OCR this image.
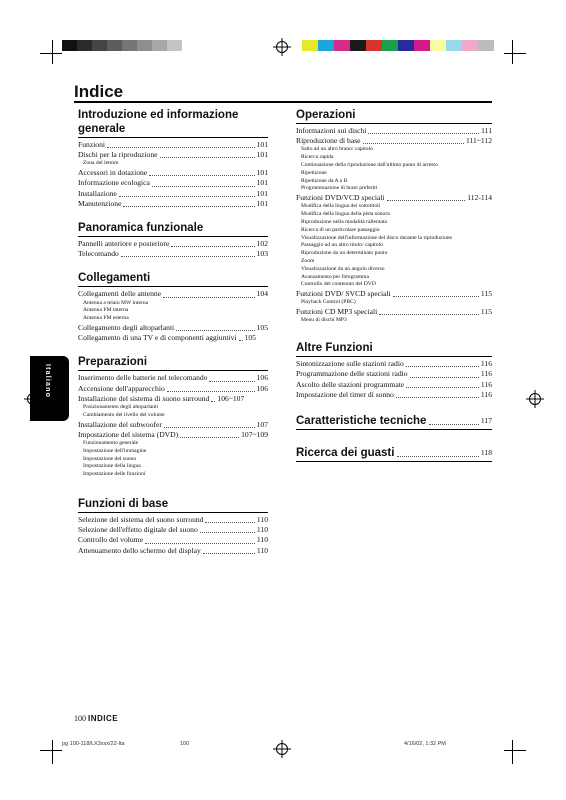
Indice
Italiano
Introduzione ed informazione
generale
Funzioni	101
Dischi per la riproduzione	101
Zona del lettore
Accessori in dotazione	101
Informazione ecologica	101
Installazione	101
Manutenzione	101
Panoramica funzionale
Pannelli anteriore e posteriore	102
Telecomando	103
Collegamenti
Collegamenti delle antenne	104
Antenna a telaio MW interna
Antenna FM interna
Antenna FM esterna
Collegamento degli altoparlanti	105
Collegamento di una TV e di componenti aggiuntivi 105
Preparazioni
Inserimento delle batterie nel telecomando	106
Accensione dell'apparecchio	106
Installazione del sistema di suono surround 106~107
Posizionamento degli altoparlanti
Cambiamento del livello del volume
Installazione del subwoofer	107
Impostazione del sistema (DVD)	107~109
Funzionamento generale
Impostazione dell'immagine
Impostazione del suono
Impostazione della lingua
Impostazione delle funzioni
Funzioni di base
Selezione del sistema del suono surround	110
Selezione dell'effetto digitale del suono	110
Controllo del volume	110
Attenuamento dello schermo del display	110
Operazioni
Informazioni sui dischi	111
Riproduzione di base	111~112
Salto ad un altro brano/ capitolo
Ricerca rapida
Continuazione della riproduzione dall'ultimo punto di arresto
Ripetizione
Ripetizione da A a B
Programmazione di brani preferiti
Funzioni DVD/VCD speciali	112-114
Modifica della lingua dei sottotitoli
Modifica della lingua della pista sonora
Riproduzione nella modalità rallentata
Ricerca di un particolare passaggio
Visualizzazione dell'informazione del disco durante la riproduzione
Passaggio ad un altro titolo/ capitolo
Riproduzione da un determinato punto
Zoom
Visualizzazione da un angolo diverso
Avanzamento per fotogramma
Controllo del contenuto del DVD
Funzioni DVD/ SVCD speciali	115
Playback Control (PBC)
Funzioni CD MP3 speciali	115
Menu di dischi MP3
Altre Funzioni
Sintonizzazione sulle stazioni radio	116
Programmazione delle stazioni radio	116
Ascolto delle stazioni programmate	116
Impostazione del timer di sonno	116
Caratteristiche tecniche	117
Ricerca dei guasti	118
100 INDICE
pg 100-118/LX3xxx/22-Ita	100	4/16/02, 1:32 PM
